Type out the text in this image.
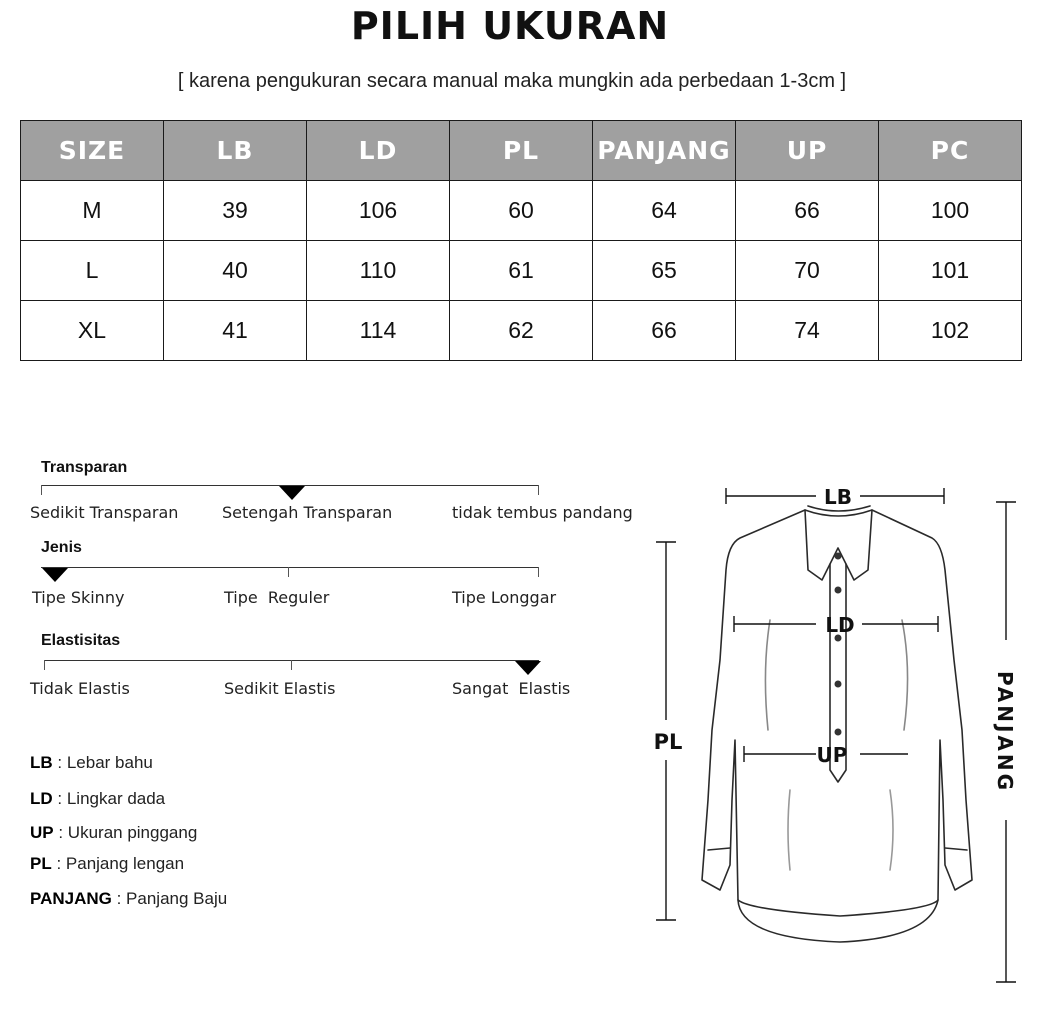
PILIH UKURAN
[ karena pengukuran secara manual maka mungkin ada perbedaan 1-3cm ]
SIZE	LB	LD	PL	PANJANG	UP	PC
M	39	106	60	64	66	100
L	40	110	61	65	70	101
XL	41	114	62	66	74	102
Transparan
Sedikit Transparan	Setengah Transparan	tidak tembus pandang
Jenis
Tipe Skinny	Tipe  Reguler	Tipe Longgar
Elastisitas
Tidak Elastis	Sedikit Elastis	Sangat  Elastis
LB : Lebar bahu
LD : Lingkar dada
UP : Ukuran pinggang
PL : Panjang lengan
PANJANG : Panjang Baju
LB
LD
UP
PL	PANJANG
